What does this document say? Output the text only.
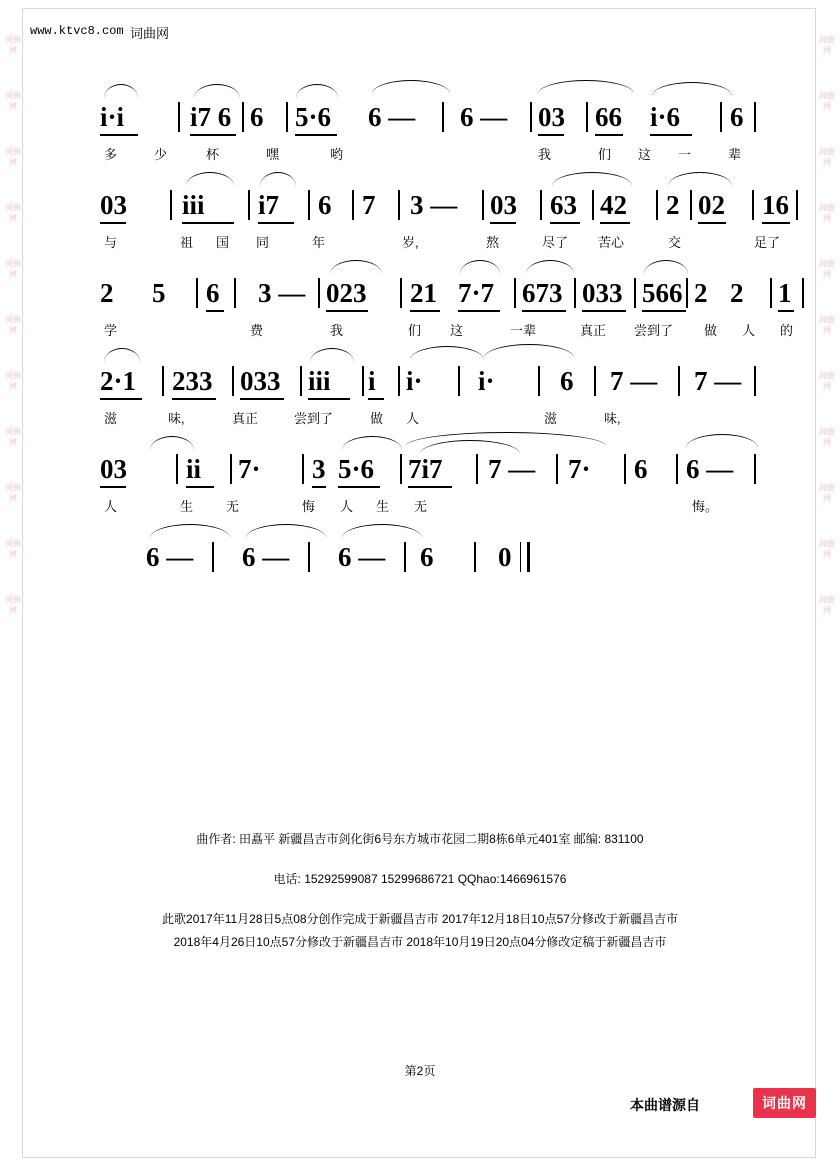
词曲网
词曲网
词曲网
词曲网
词曲网
词曲网
词曲网
词曲网
词曲网
词曲网
词曲网
词曲网
词曲网
词曲网
词曲网
词曲网
词曲网
词曲网
词曲网
词曲网
词曲网
词曲网
www.ktvc8.com 词曲网
i·i i7 6 6 5·6 6 — 6 — 03 66 i·6 6
多	少	杯	嘿	哟	我	们 这 一	辈
03 iii i7 6 7 3 — 03 63 42 2 02 16
与	祖 国 同	年	岁,	熬	尽了 苦心	交	足了
2 5 6 3 — 023 21 7·7 673 033 566 2 2 1
学	费	我	们 这	一辈	真正 尝到了 做 人 的
2·1 233 033 iii i i· i· 6 7 — 7 —
滋	味,	真正	尝到了	做 人	滋	味,
03 ii 7· 3 5·6 7i7 7 — 7· 6 6 —
人	生	无	悔 人 生 无	悔。
6 — 6 — 6 — 6 0
曲作者: 田嚞平 新疆昌吉市剑化街6号东方城市花园二期8栋6单元401室 邮编: 831100
电话: 15292599087 15299686721 QQhao:1466961576
此歌2017年11月28日5点08分创作完成于新疆昌吉市 2017年12月18日10点57分修改于新疆昌吉市
2018年4月26日10点57分修改于新疆昌吉市 2018年10月19日20点04分修改定稿于新疆昌吉市
第2页
本曲谱源自	词曲网
